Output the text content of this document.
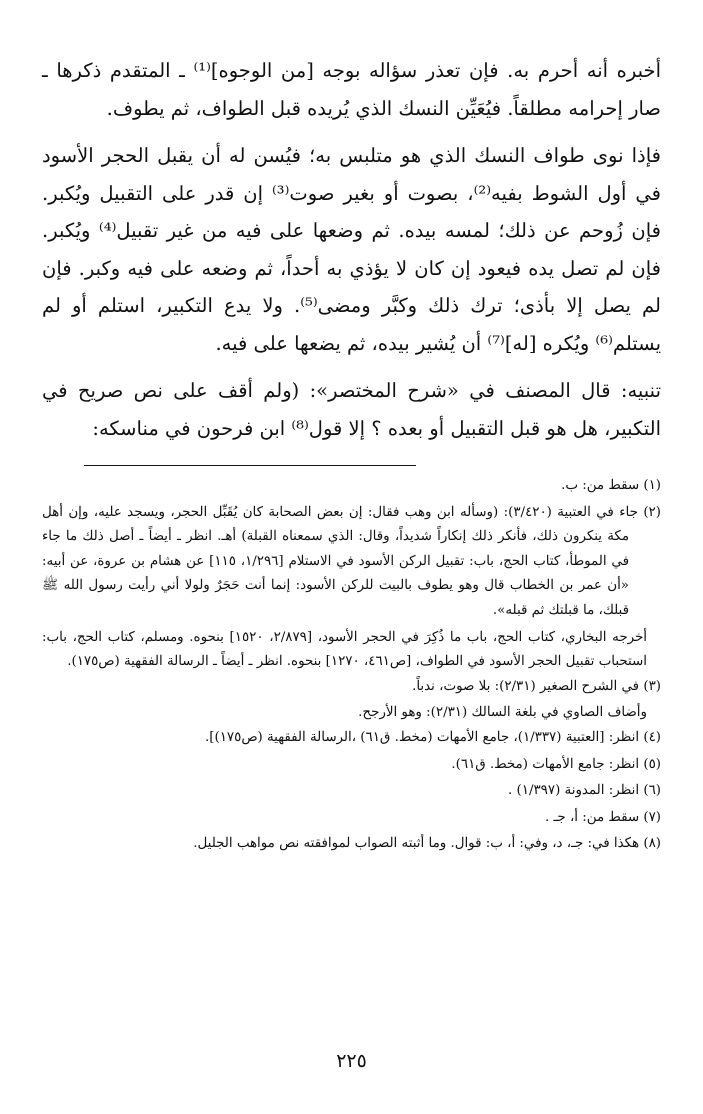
أخبره أنه أحرم به. فإن تعذر سؤاله بوجه [من الوجوه]⁽¹⁾ ـ المتقدم ذكرها ـ صار إحرامه مطلقاً. فيُعَيِّن النسك الذي يُريده قبل الطواف، ثم يطوف.

فإذا نوى طواف النسك الذي هو متلبس به؛ فيُسن له أن يقبل الحجر الأسود في أول الشوط بفيه⁽²⁾، بصوت أو بغير صوت⁽³⁾ إن قدر على التقبيل ويُكبر. فإن زُوحم عن ذلك؛ لمسه بيده. ثم وضعها على فيه من غير تقبيل⁽⁴⁾ ويُكبر. فإن لم تصل يده فيعود إن كان لا يؤذي به أحداً، ثم وضعه على فيه وكبر. فإن لم يصل إلا بأذى؛ ترك ذلك وكبَّر ومضى⁽⁵⁾. ولا يدع التكبير، استلم أو لم يستلم⁽⁶⁾ ويُكره [له]⁽⁷⁾ أن يُشير بيده، ثم يضعها على فيه.

تنبيه: قال المصنف في «شرح المختصر»: (ولم أقف على نص صريح في التكبير، هل هو قبل التقبيل أو بعده ؟ إلا قول⁽⁸⁾ ابن فرحون في مناسكه:

(١) سقط من: ب.

(٢) جاء في العتبية (٣/٤٢٠): (وسأله ابن وهب فقال: إن بعض الصحابة كان يُقَبِّل الحجر، ويسجد عليه، وإن أهل مكة ينكرون ذلك، فأنكر ذلك إنكاراً شديداً، وقال: الذي سمعناه القبلة) أهـ. انظر ـ أيضاً ـ أصل ذلك ما جاء في الموطأ، كتاب الحج، باب: تقبيل الركن الأسود في الاستلام [١/٢٩٦، ١١٥] عن هشام بن عروة، عن أبيه: «أن عمر بن الخطاب قال وهو يطوف بالبيت للركن الأسود: إنما أنت حَجَرٌ ولولا أني رأيت رسول الله ﷺ قبلك، ما قبلتك ثم قبله».

أخرجه البخاري، كتاب الحج، باب ما ذُكِرَ في الحجر الأسود، [٢/٨٧٩، ١٥٢٠] بنحوه. ومسلم، كتاب الحج، باب: استحباب تقبيل الحجر الأسود في الطواف، [ص٤٦١، ١٢٧٠] بنحوه. انظر ـ أيضاً ـ الرسالة الفقهية (ص١٧٥).

(٣) في الشرح الصغير (٢/٣١): بلا صوت، ندباً.

وأضاف الصاوي في بلغة السالك (٢/٣١): وهو الأرجح.

(٤) انظر: [العتبية (١/٣٣٧)، جامع الأمهات (مخط. ق٦١) ،الرسالة الفقهية (ص١٧٥)].

(٥) انظر: جامع الأمهات (مخط. ق٦١).

(٦) انظر: المدونة (١/٣٩٧) .

(٧) سقط من: أ، جـ .

(٨) هكذا في: جـ، د، وفي: أ، ب: قوال. وما أثبته الصواب لموافقته نص مواهب الجليل.

٢٢٥
